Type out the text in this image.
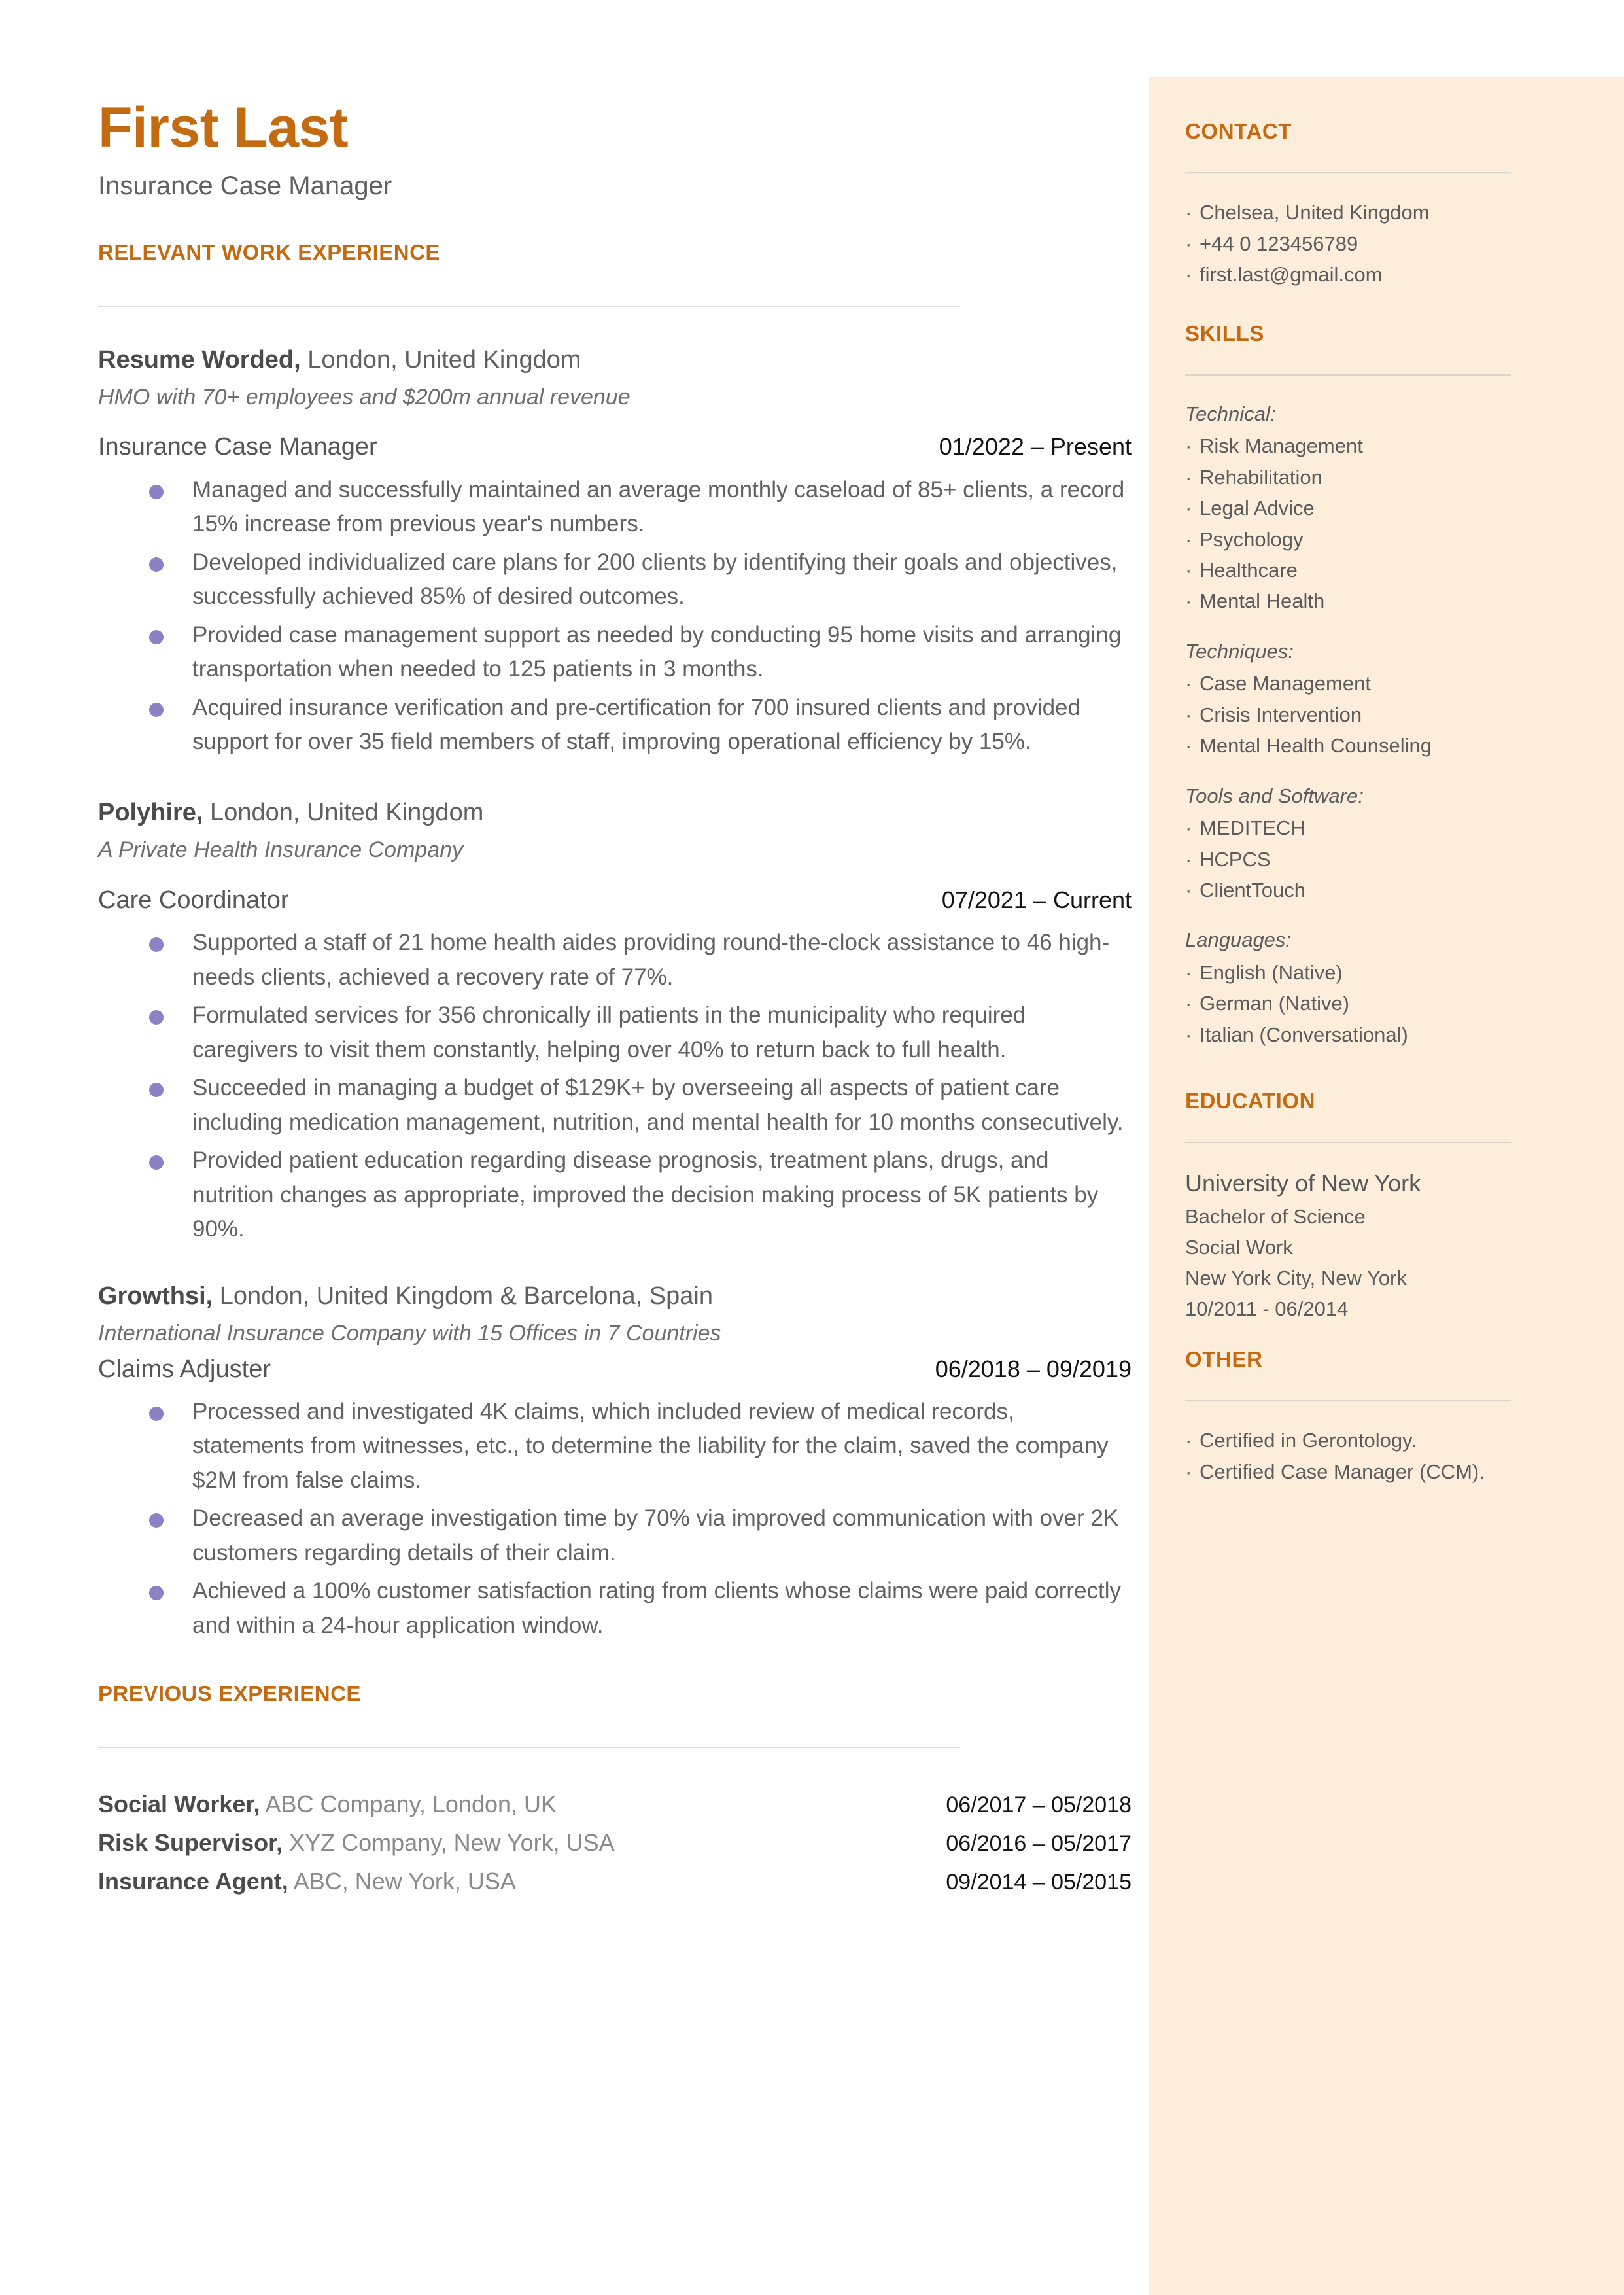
CONTACT
· Chelsea, United Kingdom
· +44 0 123456789
· first.last@gmail.com
SKILLS
Technical:
· Risk Management
· Rehabilitation
· Legal Advice
· Psychology
· Healthcare
· Mental Health
Techniques:
· Case Management
· Crisis Intervention
· Mental Health Counseling
Tools and Software:
· MEDITECH
· HCPCS
· ClientTouch
Languages:
· English (Native)
· German (Native)
· Italian (Conversational)
EDUCATION
University of New York
Bachelor of Science
Social Work
New York City, New York
10/2011 - 06/2014
OTHER
· Certified in Gerontology.
· Certified Case Manager (CCM).
First Last
Insurance Case Manager
RELEVANT WORK EXPERIENCE
Resume Worded, London, United Kingdom
HMO with 70+ employees and $200m annual revenue
Insurance Case Manager	01/2022 – Present
Managed and successfully maintained an average monthly caseload of 85+ clients, a record 15% increase from previous year's numbers.
Developed individualized care plans for 200 clients by identifying their goals and objectives, successfully achieved 85% of desired outcomes.
Provided case management support as needed by conducting 95 home visits and arranging transportation when needed to 125 patients in 3 months.
Acquired insurance verification and pre-certification for 700 insured clients and provided support for over 35 field members of staff, improving operational efficiency by 15%.
Polyhire, London, United Kingdom
A Private Health Insurance Company
Care Coordinator	07/2021 – Current
Supported a staff of 21 home health aides providing round-the-clock assistance to 46 high-needs clients, achieved a recovery rate of 77%.
Formulated services for 356 chronically ill patients in the municipality who required caregivers to visit them constantly, helping over 40% to return back to full health.
Succeeded in managing a budget of $129K+ by overseeing all aspects of patient care including medication management, nutrition, and mental health for 10 months consecutively.
Provided patient education regarding disease prognosis, treatment plans, drugs, and nutrition changes as appropriate, improved the decision making process of 5K patients by 90%.
Growthsi, London, United Kingdom & Barcelona, Spain
International Insurance Company with 15 Offices in 7 Countries
Claims Adjuster	06/2018 – 09/2019
Processed and investigated 4K claims, which included review of medical records, statements from witnesses, etc., to determine the liability for the claim, saved the company $2M from false claims.
Decreased an average investigation time by 70% via improved communication with over 2K customers regarding details of their claim.
Achieved a 100% customer satisfaction rating from clients whose claims were paid correctly and within a 24-hour application window.
PREVIOUS EXPERIENCE
Social Worker, ABC Company, London, UK	06/2017 – 05/2018
Risk Supervisor, XYZ Company, New York, USA	06/2016 – 05/2017
Insurance Agent, ABC, New York, USA	09/2014 – 05/2015
